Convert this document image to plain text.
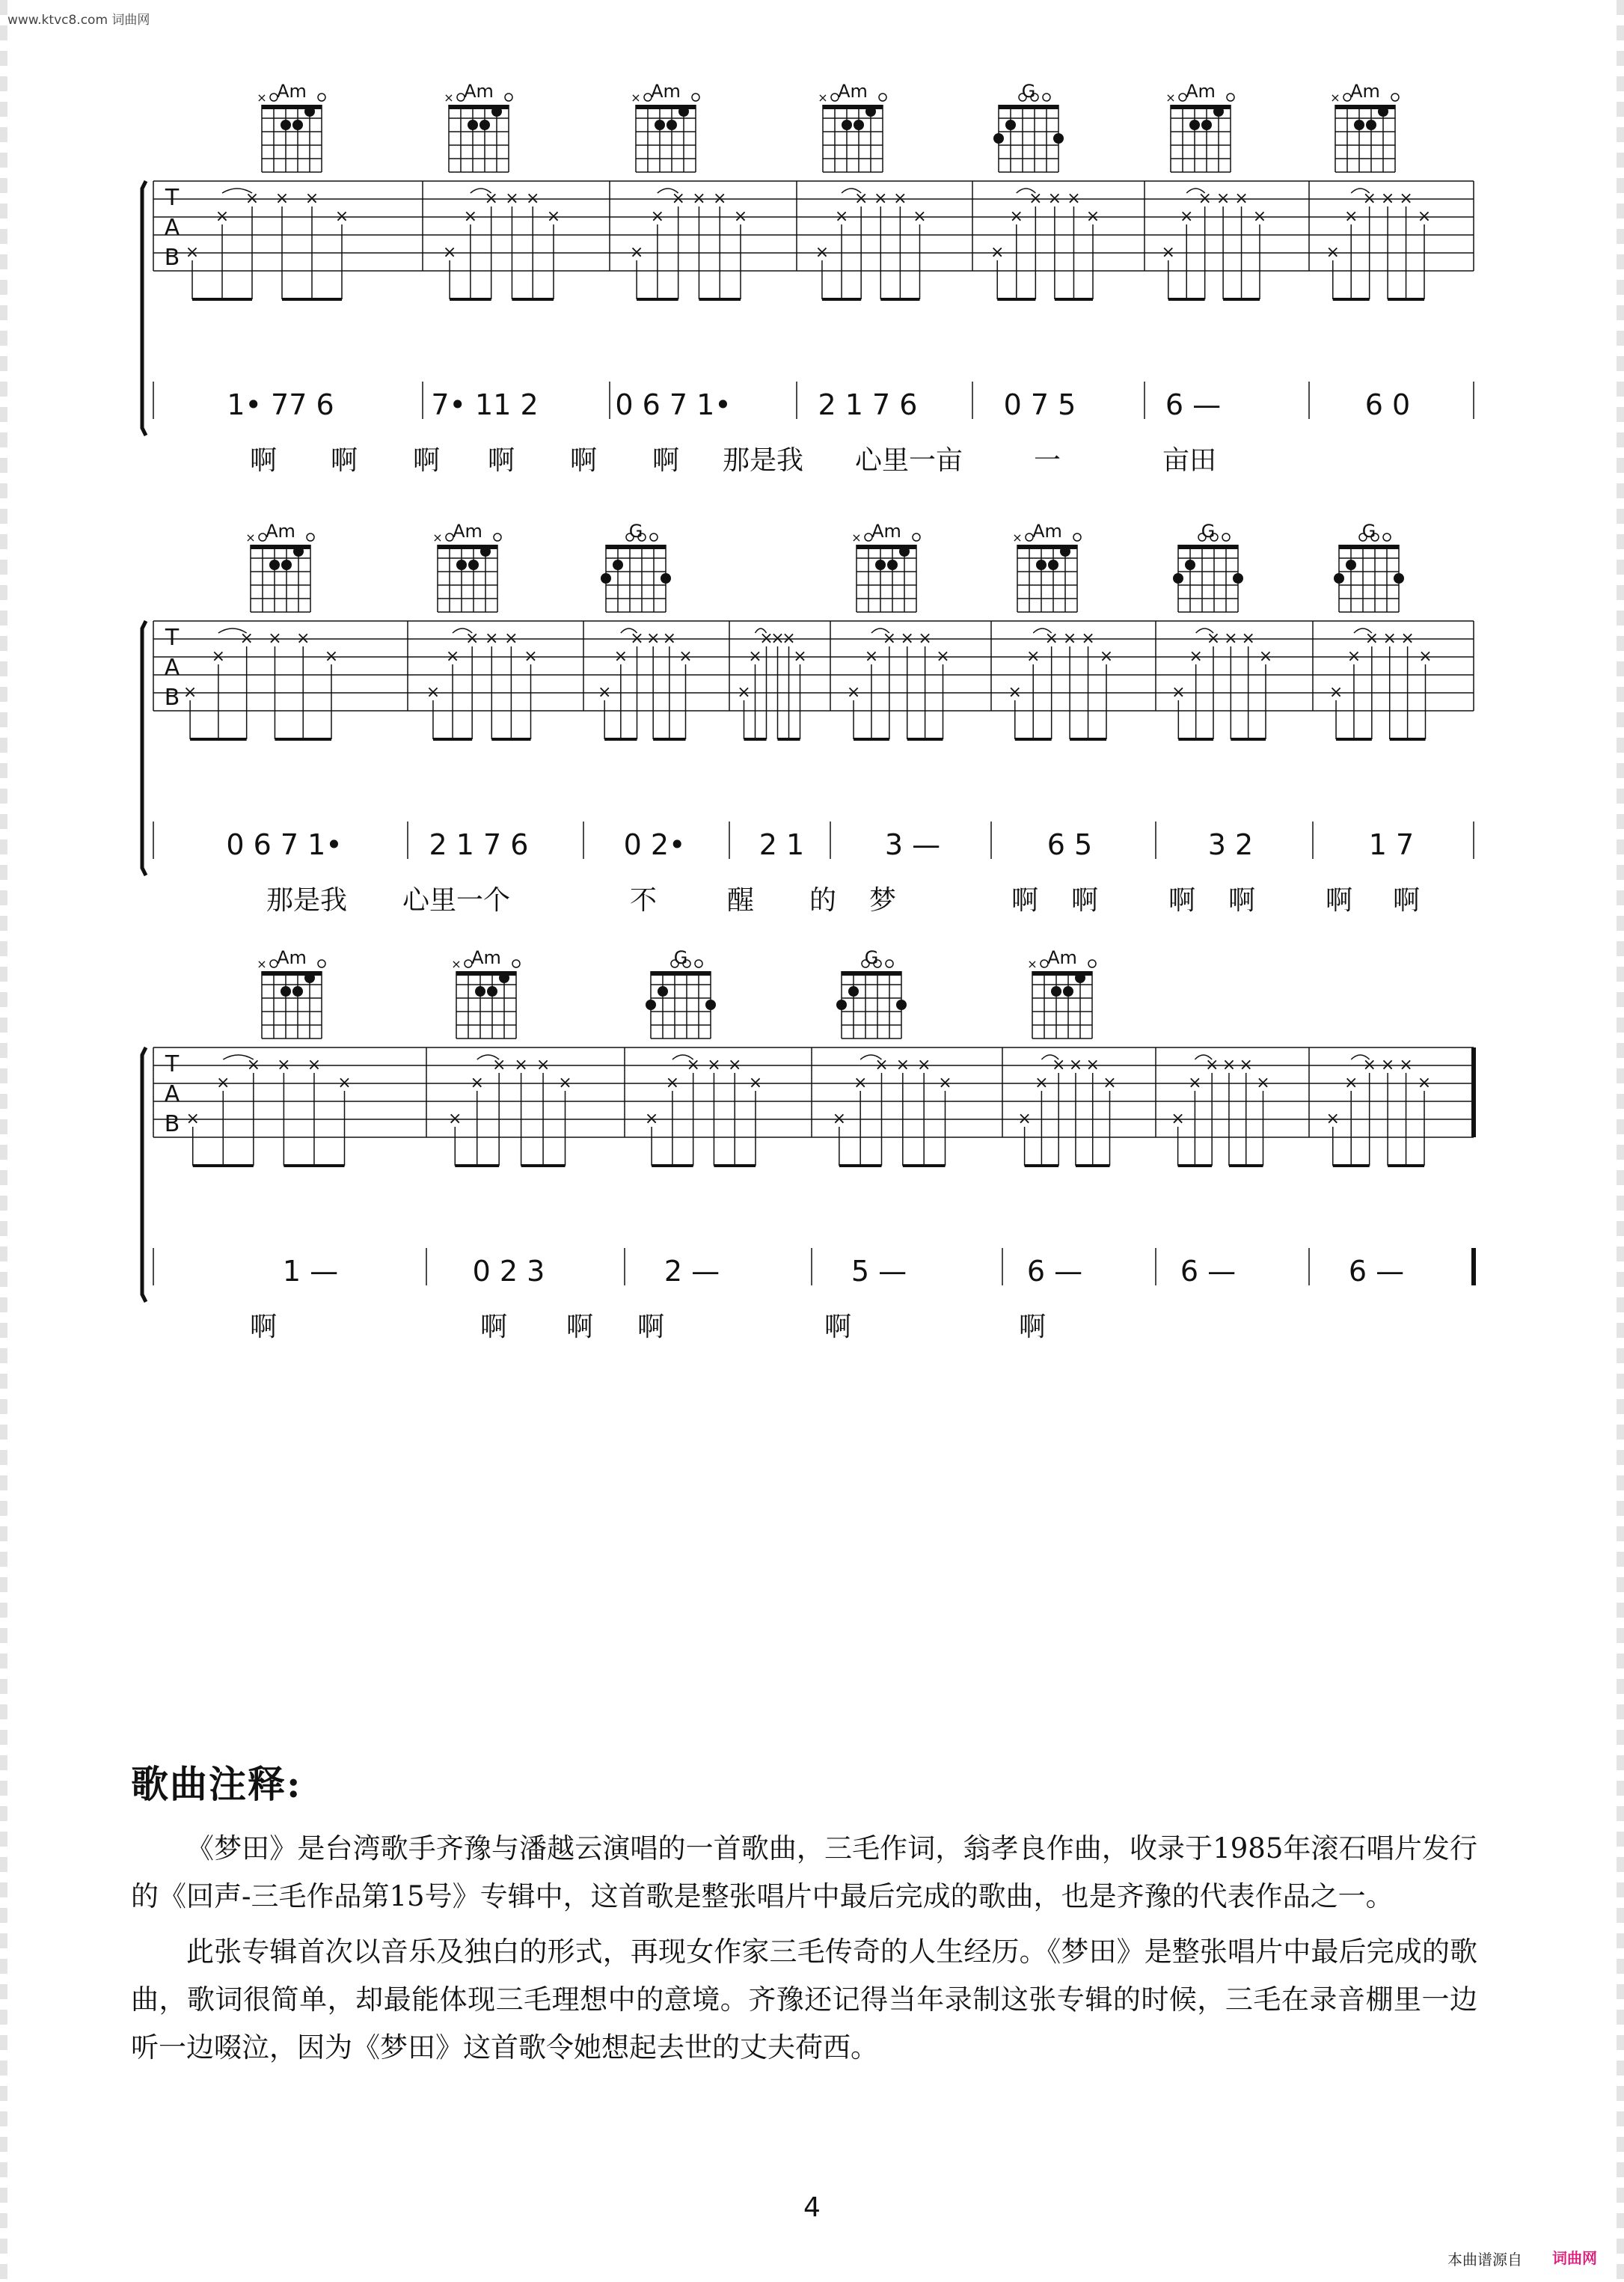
www.ktvc8.com 词曲网
Am
×	Am
×	Am
×	Am
×	G	Am
×	Am
×
T
A
B ×
×
× × ×
×
×
×
× × ×
×
×
×
× × ×
×
×
×
× × ×
×
×
×
× × ×
×
×
×
× × ×
×
×
×
× × ×
×
1• 77 6	7• 11 2	0 6 7 1•	2 1 7 6	0 7 5	6 —	6 0
啊 啊 啊 啊 啊 啊 那是我 心里一亩	一	亩田
Am
×	Am
×	G	Am
×	Am
×	G	G
T
A
B ×
×
× × ×
×
×
×
× × ×
×
×
×
× × ×
×
×
×
×
×
×
×
×
×
× × ×
×
×
×
× × ×
×
×
×
× × ×
×
×
×
× × ×
×
0 6 7 1•	2 1 7 6	0 2•	2 1	3 —	6 5	3 2	1 7
那是我 心里一个	不	醒 的 梦	啊 啊	啊 啊	啊 啊
Am
×	Am
×	G	G	Am
×
T
A
B ×
×
× × ×
×
×
×
× × ×
×
×
×
× × ×
×
×
×
× × ×
×
×
×
× × ×
×
×
×
× × ×
×
×
×
× × ×
×
1 —	0 2 3	2 —	5 —	6 —	6 —	6 —
啊	啊 啊 啊	啊	啊
歌曲注释:

《梦田》是台湾歌手齐豫与潘越云演唱的一首歌曲，三毛作词，翁孝良作曲，收录于1985年滚石唱片发行的《回声-三毛作品第15号》专辑中，这首歌是整张唱片中最后完成的歌曲，也是齐豫的代表作品之一。

此张专辑首次以音乐及独白的形式，再现女作家三毛传奇的人生经历。《梦田》是整张唱片中最后完成的歌曲，歌词很简单，却最能体现三毛理想中的意境。齐豫还记得当年录制这张专辑的时候，三毛在录音棚里一边听一边啜泣，因为《梦田》这首歌令她想起去世的丈夫荷西。

4
本曲谱源自 词曲网
